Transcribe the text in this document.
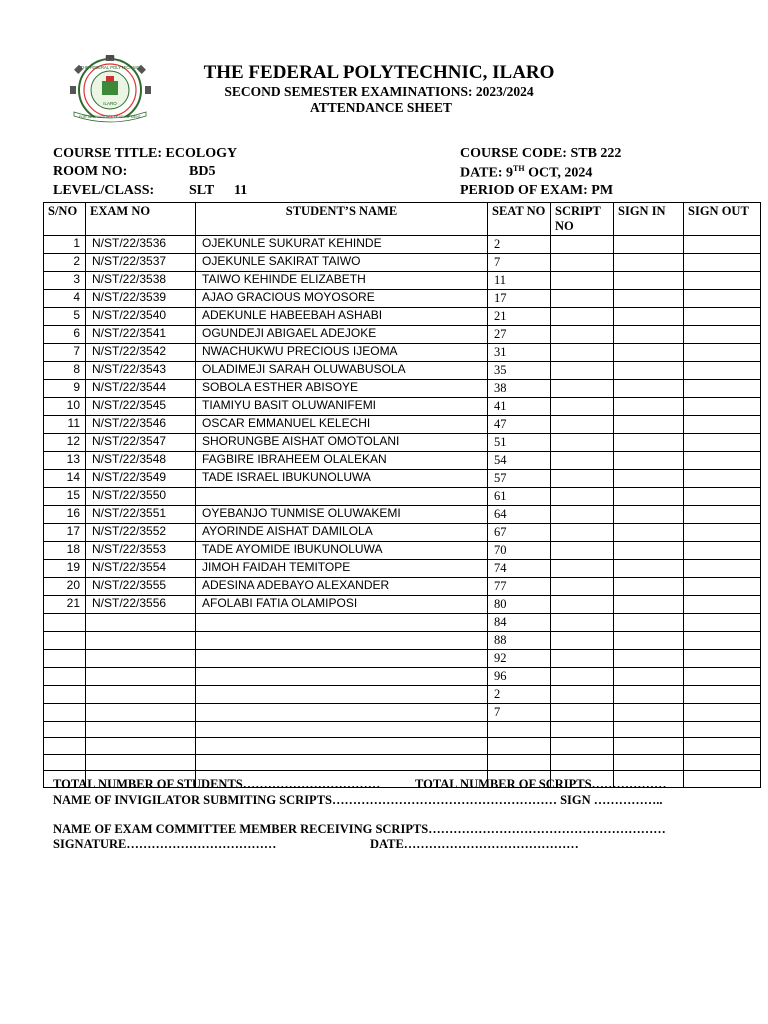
THE FEDERAL POLYTECHNIC
ILARO
FOR INNOVATION & DEVELOPMENT
FPI
THE FEDERAL POLYTECHNIC, ILARO
SECOND SEMESTER EXAMINATIONS: 2023/2024
ATTENDANCE SHEET
COURSE TITLE: ECOLOGY
ROOM NO:	BD5
LEVEL/CLASS: SLT 11
COURSE CODE: STB 222
DATE: 9TH OCT, 2024
PERIOD OF EXAM: PM
S/NO	EXAM NO	STUDENT’S NAME	SEAT NO	SCRIPT NO	SIGN IN	SIGN OUT
1	N/ST/22/3536	OJEKUNLE SUKURAT KEHINDE	2			
2	N/ST/22/3537	OJEKUNLE SAKIRAT TAIWO	7			
3	N/ST/22/3538	TAIWO KEHINDE ELIZABETH	11			
4	N/ST/22/3539	AJAO GRACIOUS MOYOSORE	17			
5	N/ST/22/3540	ADEKUNLE HABEEBAH ASHABI	21			
6	N/ST/22/3541	OGUNDEJI ABIGAEL ADEJOKE	27			
7	N/ST/22/3542	NWACHUKWU PRECIOUS IJEOMA	31			
8	N/ST/22/3543	OLADIMEJI SARAH OLUWABUSOLA	35			
9	N/ST/22/3544	SOBOLA ESTHER ABISOYE	38			
10	N/ST/22/3545	TIAMIYU BASIT OLUWANIFEMI	41			
11	N/ST/22/3546	OSCAR EMMANUEL KELECHI	47			
12	N/ST/22/3547	SHORUNGBE AISHAT OMOTOLANI	51			
13	N/ST/22/3548	FAGBIRE IBRAHEEM OLALEKAN	54			
14	N/ST/22/3549	TADE ISRAEL IBUKUNOLUWA	57			
15	N/ST/22/3550		61			
16	N/ST/22/3551	OYEBANJO TUNMISE OLUWAKEMI	64			
17	N/ST/22/3552	AYORINDE AISHAT DAMILOLA	67			
18	N/ST/22/3553	TADE AYOMIDE IBUKUNOLUWA	70			
19	N/ST/22/3554	JIMOH FAIDAH TEMITOPE	74			
20	N/ST/22/3555	ADESINA ADEBAYO ALEXANDER	77			
21	N/ST/22/3556	AFOLABI FATIA OLAMIPOSI	80			
			84			
			88			
			92			
			96			
			2			
			7			

TOTAL NUMBER OF STUDENTS……………………………	TOTAL NUMBER OF SCRIPTS………………
NAME OF INVIGILATOR SUBMITING SCRIPTS……………………………………………… SIGN ……………..
NAME OF EXAM COMMITTEE MEMBER RECEIVING SCRIPTS…………………………………………………
SIGNATURE………………………………	DATE……………………………………
